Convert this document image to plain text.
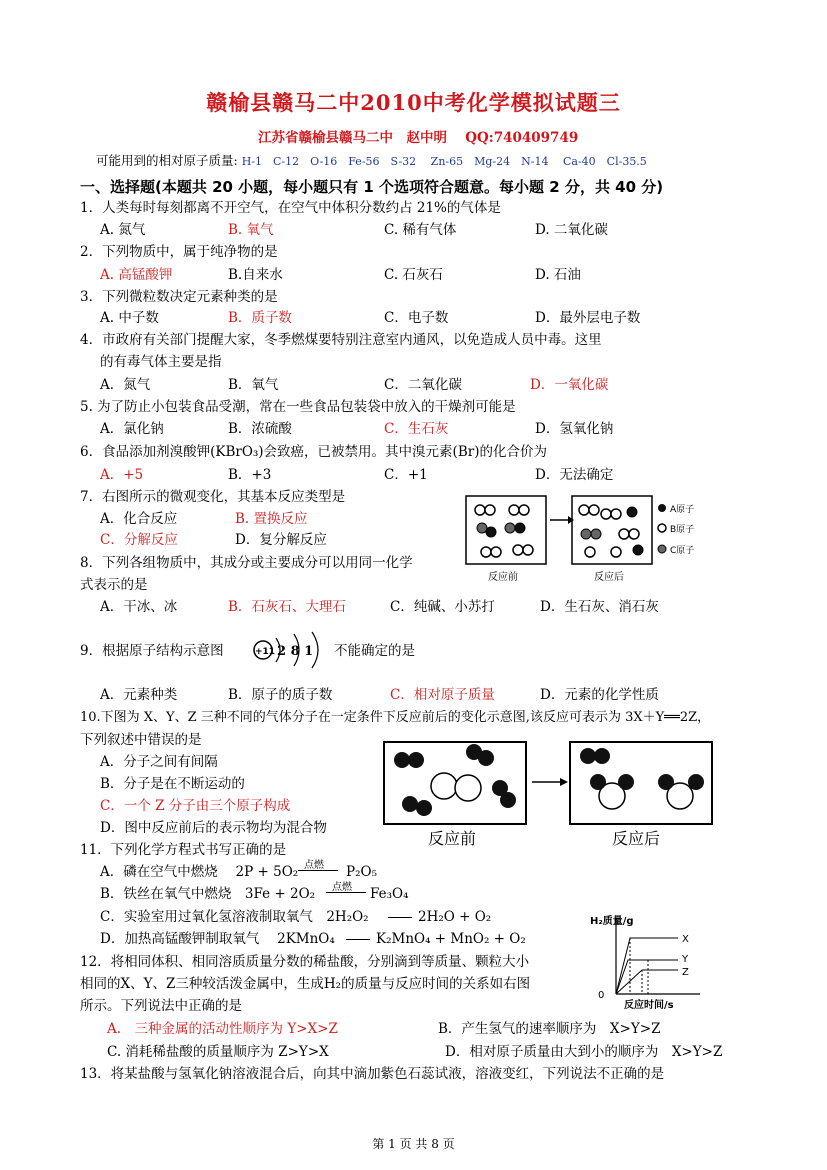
赣榆县赣马二中2010中考化学模拟试题三
江苏省赣榆县赣马二中　赵中明　 QQ:740409749
可能用到的相对原子质量: H-1　C-12　O-16　Fe-56　S-32　 Zn-65　Mg-24　N-14　 Ca-40　Cl-35.5
一、选择题(本题共 20 小题，每小题只有 1 个选项符合题意。每小题 2 分，共 40 分)
1．人类每时每刻都离不开空气，在空气中体积分数约占 21%的气体是
A. 氮气	B. 氧气	C. 稀有气体	D. 二氧化碳
2．下列物质中，属于纯净物的是
A. 高锰酸钾	B.自来水	C. 石灰石	D. 石油
3．下列微粒数决定元素种类的是
A. 中子数	B．质子数	C．电子数	D．最外层电子数
4．市政府有关部门提醒大家，冬季燃煤要特别注意室内通风，以免造成人员中毒。这里
的有毒气体主要是指
A．氮气	B．氧气	C．二氧化碳	D．一氧化碳
5. 为了防止小包装食品受潮，常在一些食品包装袋中放入的干燥剂可能是
A．氯化钠	B．浓硫酸	C．生石灰	D．氢氧化钠
6．食品添加剂溴酸钾(KBrO₃)会致癌，已被禁用。其中溴元素(Br)的化合价为
A．+5	B．+3	C．+1	D．无法确定
7．右图所示的微观变化，其基本反应类型是
A．化合反应	B. 置换反应
C．分解反应	D．复分解反应
A原子
B原子
C原子
反应前	反应后
8．下列各组物质中，其成分或主要成分可以用同一化学
式表示的是
A．干冰、冰	B．石灰石、大理石	C．纯碱、小苏打	D．生石灰、消石灰
9．根据原子结构示意图	+11 2 8 1 不能确定的是
A．元素种类	B．原子的质子数	C．相对原子质量	D．元素的化学性质
10.下图为 X、Y、Z 三种不同的气体分子在一定条件下反应前后的变化示意图,该反应可表示为 3X＋Y══2Z，
下列叙述中错误的是
A．分子之间有间隔
B．分子是在不断运动的
C．一个 Z 分子由三个原子构成
D．图中反应前后的表示物均为混合物
反应前	反应后
11．下列化学方程式书写正确的是
A．磷在空气中燃烧　 2P + 5O₂ 点燃 P₂O₅
B．铁丝在氧气中燃烧　3Fe + 2O₂ 点燃 Fe₃O₄
C．实验室用过氧化氢溶液制取氧气　2H₂O₂	2H₂O + O₂
D．加热高锰酸钾制取氧气　 2KMnO₄	K₂MnO₄ + MnO₂ + O₂
H₂质量/g
X
Y
Z
0
反应时间/s
12．将相同体积、相同溶质质量分数的稀盐酸，分别滴到等质量、颗粒大小
相同的X、Y、Z三种较活泼金属中，生成H₂的质量与反应时间的关系如右图
所示。下列说法中正确的是
A.　三种金属的活动性顺序为 Y>X>Z	B．产生氢气的速率顺序为　X>Y>Z
C. 消耗稀盐酸的质量顺序为 Z>Y>X	D．相对原子质量由大到小的顺序为　X>Y>Z
13．将某盐酸与氢氧化钠溶液混合后，向其中滴加紫色石蕊试液，溶液变红，下列说法不正确的是
第 1 页 共 8 页
